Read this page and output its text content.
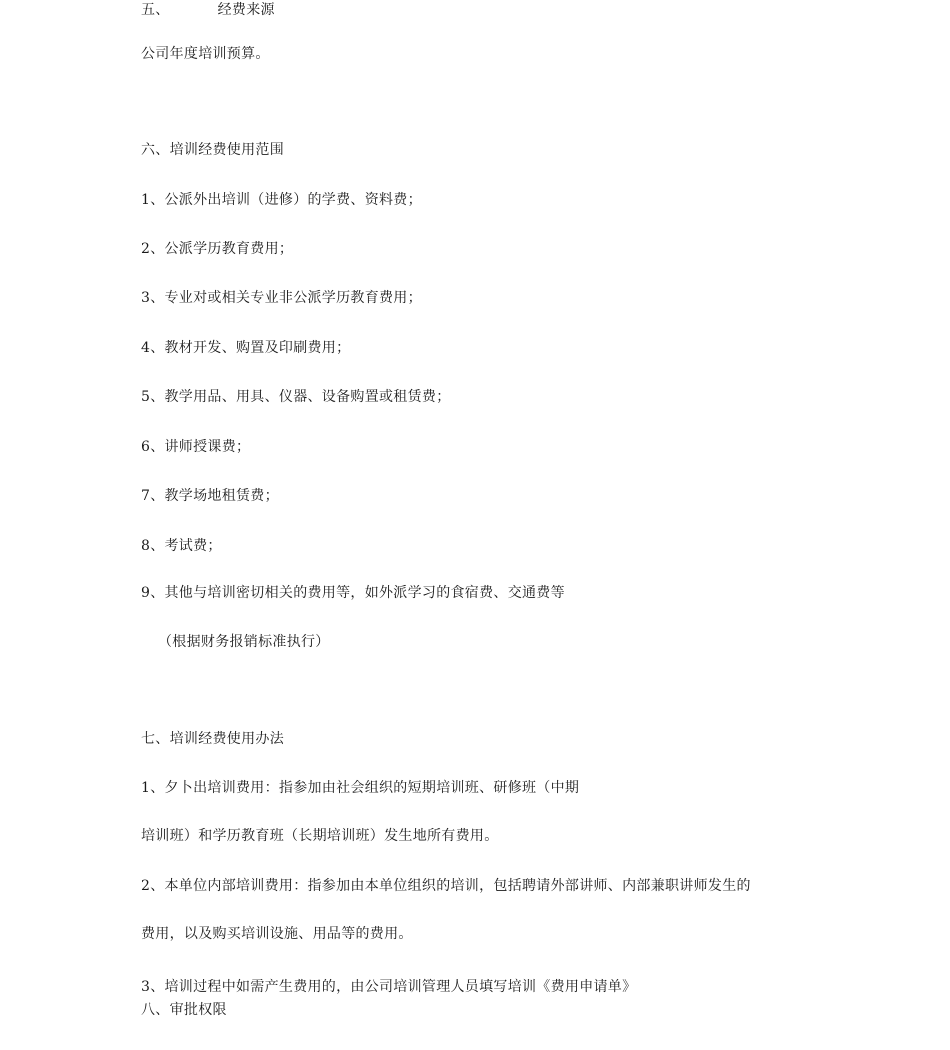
五、	经费来源
公司年度培训预算。
六、培训经费使用范围
1、公派外出培训（进修）的学费、资料费；
2、公派学历教育费用；
3、专业对或相关专业非公派学历教育费用；
4、教材开发、购置及印刷费用；
5、教学用品、用具、仪器、设备购置或租赁费；
6、讲师授课费；
7、教学场地租赁费；
8、考试费；
9、其他与培训密切相关的费用等，如外派学习的食宿费、交通费等
（根据财务报销标准执行）
七、培训经费使用办法
1、夕卜出培训费用：指参加由社会组织的短期培训班、研修班（中期
培训班）和学历教育班（长期培训班）发生地所有费用。
2、本单位内部培训费用：指参加由本单位组织的培训，包括聘请外部讲师、内部兼职讲师发生的
费用，以及购买培训设施、用品等的费用。
3、培训过程中如需产生费用的，由公司培训管理人员填写培训《费用申请单》
八、审批权限
